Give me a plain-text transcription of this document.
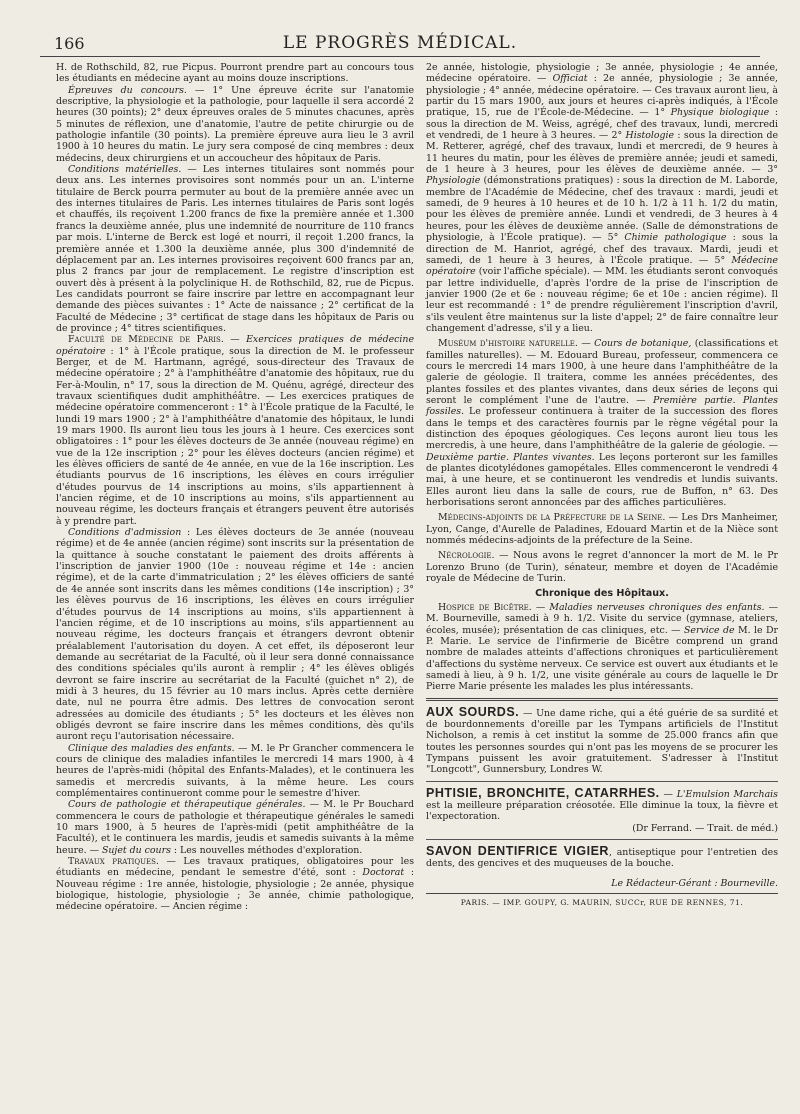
166	LE PROGRÈS MÉDICAL.

H. de Rothschild, 82, rue Picpus. Pourront prendre part au concours tous les étudiants en médecine ayant au moins douze inscriptions.

Épreuves du concours. — 1° Une épreuve écrite sur l'anatomie descriptive, la physiologie et la pathologie, pour laquelle il sera accordé 2 heures (30 points); 2° deux épreuves orales de 5 minutes chacunes, après 5 minutes de réflexion, une d'anatomie, l'autre de petite chirurgie ou de pathologie infantile (30 points). La première épreuve aura lieu le 3 avril 1900 à 10 heures du matin. Le jury sera composé de cinq membres : deux médecins, deux chirurgiens et un accoucheur des hôpitaux de Paris.

Conditions matérielles. — Les internes titulaires sont nommés pour deux ans. Les internes provisoires sont nommés pour un an. L'interne titulaire de Berck pourra permuter au bout de la première année avec un des internes titulaires de Paris. Les internes titulaires de Paris sont logés et chauffés, ils reçoivent 1.200 francs de fixe la première année et 1.300 francs la deuxième année, plus une indemnité de nourriture de 110 francs par mois. L'interne de Berck est logé et nourri, il reçoit 1.200 francs, la première année et 1.300 la deuxième année, plus 300 d'indemnité de déplacement par an. Les internes provisoires reçoivent 600 francs par an, plus 2 francs par jour de remplacement. Le registre d'inscription est ouvert dès à présent à la polyclinique H. de Rothschild, 82, rue de Picpus. Les candidats pourront se faire inscrire par lettre en accompagnant leur demande des pièces suivantes : 1° Acte de naissance ; 2° certificat de la Faculté de Médecine ; 3° certificat de stage dans les hôpitaux de Paris ou de province ; 4° titres scientifiques.

Faculté de Médecine de Paris. — Exercices pratiques de médecine opératoire : 1° à l'École pratique, sous la direction de M. le professeur Berger, et de M. Hartmann, agrégé, sous-directeur des Travaux de médecine opératoire ; 2° à l'amphithéâtre d'anatomie des hôpitaux, rue du Fer-à-Moulin, n° 17, sous la direction de M. Quénu, agrégé, directeur des travaux scientifiques dudit amphithéâtre. — Les exercices pratiques de médecine opératoire commenceront : 1° à l'École pratique de la Faculté, le lundi 19 mars 1900 ; 2° à l'amphithéâtre d'anatomie des hôpitaux, le lundi 19 mars 1900. Ils auront lieu tous les jours à 1 heure. Ces exercices sont obligatoires : 1° pour les élèves docteurs de 3e année (nouveau régime) en vue de la 12e inscription ; 2° pour les élèves docteurs (ancien régime) et les élèves officiers de santé de 4e année, en vue de la 16e inscription. Les étudiants pourvus de 16 inscriptions, les élèves en cours irrégulier d'études pourvus de 14 inscriptions au moins, s'ils appartiennent à l'ancien régime, et de 10 inscriptions au moins, s'ils appartiennent au nouveau régime, les docteurs français et étrangers peuvent être autorisés à y prendre part.

Conditions d'admission : Les élèves docteurs de 3e année (nouveau régime) et de 4e année (ancien régime) sont inscrits sur la présentation de la quittance à souche constatant le paiement des droits afférents à l'inscription de janvier 1900 (10e : nouveau régime et 14e : ancien régime), et de la carte d'immatriculation ; 2° les élèves officiers de santé de 4e année sont inscrits dans les mêmes conditions (14e inscription) ; 3° les élèves pourvus de 16 inscriptions, les élèves en cours irrégulier d'études pourvus de 14 inscriptions au moins, s'ils appartiennent à l'ancien régime, et de 10 inscriptions au moins, s'ils appartiennent au nouveau régime, les docteurs français et étrangers devront obtenir préalablement l'autorisation du doyen. A cet effet, ils déposeront leur demande au secrétariat de la Faculté, où il leur sera donné connaissance des conditions spéciales qu'ils auront à remplir ; 4° les élèves obligés devront se faire inscrire au secrétariat de la Faculté (guichet n° 2), de midi à 3 heures, du 15 février au 10 mars inclus. Après cette dernière date, nul ne pourra être admis. Des lettres de convocation seront adressées au domicile des étudiants ; 5° les docteurs et les élèves non obligés devront se faire inscrire dans les mêmes conditions, dès qu'ils auront reçu l'autorisation nécessaire.

Clinique des maladies des enfants. — M. le Pr Grancher commencera le cours de clinique des maladies infantiles le mercredi 14 mars 1900, à 4 heures de l'après-midi (hôpital des Enfants-Malades), et le continuera les samedis et mercredis suivants, à la même heure. Les cours complémentaires continueront comme pour le semestre d'hiver.

Cours de pathologie et thérapeutique générales. — M. le Pr Bouchard commencera le cours de pathologie et thérapeutique générales le samedi 10 mars 1900, à 5 heures de l'après-midi (petit amphithéâtre de la Faculté), et le continuera les mardis, jeudis et samedis suivants à la même heure. — Sujet du cours : Les nouvelles méthodes d'exploration.

Travaux pratiques. — Les travaux pratiques, obligatoires pour les étudiants en médecine, pendant le semestre d'été, sont : Doctorat : Nouveau régime : 1re année, histologie, physiologie ; 2e année, physique biologique, histologie, physiologie ; 3e année, chimie pathologique, médecine opératoire. — Ancien régime :

2e année, histologie, physiologie ; 3e année, physiologie ; 4e année, médecine opératoire. — Officiat : 2e année, physiologie ; 3e année, physiologie ; 4° année, médecine opératoire. — Ces travaux auront lieu, à partir du 15 mars 1900, aux jours et heures ci-après indiqués, à l'École pratique, 15, rue de l'École-de-Médecine. — 1° Physique biologique : sous la direction de M. Weiss, agrégé, chef des travaux, lundi, mercredi et vendredi, de 1 heure à 3 heures. — 2° Histologie : sous la direction de M. Retterer, agrégé, chef des travaux, lundi et mercredi, de 9 heures à 11 heures du matin, pour les élèves de première année; jeudi et samedi, de 1 heure à 3 heures, pour les élèves de deuxième année. — 3° Physiologie (démonstrations pratiques) : sous la direction de M. Laborde, membre de l'Académie de Médecine, chef des travaux : mardi, jeudi et samedi, de 9 heures à 10 heures et de 10 h. 1/2 à 11 h. 1/2 du matin, pour les élèves de première année. Lundi et vendredi, de 3 heures à 4 heures, pour les élèves de deuxième année. (Salle de démonstrations de physiologie, à l'École pratique). — 5° Chimie pathologique : sous la direction de M. Hanriot, agrégé, chef des travaux. Mardi, jeudi et samedi, de 1 heure à 3 heures, à l'École pratique. — 5° Médecine opératoire (voir l'affiche spéciale). — MM. les étudiants seront convoqués par lettre individuelle, d'après l'ordre de la prise de l'inscription de janvier 1900 (2e et 6e : nouveau régime; 6e et 10e : ancien régime). Il leur est recommandé : 1° de prendre régulièrement l'inscription d'avril, s'ils veulent être maintenus sur la liste d'appel; 2° de faire connaître leur changement d'adresse, s'il y a lieu.

Muséum d'histoire naturelle. — Cours de botanique, (classifications et familles naturelles). — M. Edouard Bureau, professeur, commencera ce cours le mercredi 14 mars 1900, à une heure dans l'amphithéâtre de la galerie de géologie. Il traitera, comme les années précédentes, des plantes fossiles et des plantes vivantes, dans deux séries de leçons qui seront le complément l'une de l'autre. — Première partie. Plantes fossiles. Le professeur continuera à traiter de la succession des flores dans le temps et des caractères fournis par le règne végétal pour la distinction des époques géologiques. Ces leçons auront lieu tous les mercredis, à une heure, dans l'amphithéâtre de la galerie de géologie. — Deuxième partie. Plantes vivantes. Les leçons porteront sur les familles de plantes dicotylédones gamopétales. Elles commenceront le vendredi 4 mai, à une heure, et se continueront les vendredis et lundis suivants. Elles auront lieu dans la salle de cours, rue de Buffon, n° 63. Des herborisations seront annoncées par des affiches particulières.

Médecins-adjoints de la Préfecture de la Seine. — Les Drs Manheimer, Lyon, Cange, d'Aurelle de Paladines, Edouard Martin et de la Nièce sont nommés médecins-adjoints de la préfecture de la Seine.

Nécrologie. — Nous avons le regret d'annoncer la mort de M. le Pr Lorenzo Bruno (de Turin), sénateur, membre et doyen de l'Académie royale de Médecine de Turin.

Chronique des Hôpitaux.

Hospice de Bicêtre. — Maladies nerveuses chroniques des enfants. — M. Bourneville, samedi à 9 h. 1/2. Visite du service (gymnase, ateliers, écoles, musée); présentation de cas cliniques, etc. — Service de M. le Dr P. Marie. Le service de l'infirmerie de Bicêtre comprend un grand nombre de malades atteints d'affections chroniques et particulièrement d'affections du système nerveux. Ce service est ouvert aux étudiants et le samedi à lieu, à 9 h. 1/2, une visite générale au cours de laquelle le Dr Pierre Marie présente les malades les plus intéressants.

AUX SOURDS. — Une dame riche, qui a été guérie de sa surdité et de bourdonnements d'oreille par les Tympans artificiels de l'Institut Nicholson, a remis à cet institut la somme de 25.000 francs afin que toutes les personnes sourdes qui n'ont pas les moyens de se procurer les Tympans puissent les avoir gratuitement. S'adresser à l'Institut "Longcott", Gunnersbury, Londres W.

PHTISIE, BRONCHITE, CATARRHES. — L'Emulsion Marchais est la meilleure préparation créosotée. Elle diminue la toux, la fièvre et l'expectoration.

(Dr Ferrand. — Trait. de méd.)

SAVON DENTIFRICE VIGIER, antiseptique pour l'entretien des dents, des gencives et des muqueuses de la bouche.

Le Rédacteur-Gérant : Bourneville.
PARIS. — IMP. GOUPY, G. MAURIN, SUCCr, RUE DE RENNES, 71.
